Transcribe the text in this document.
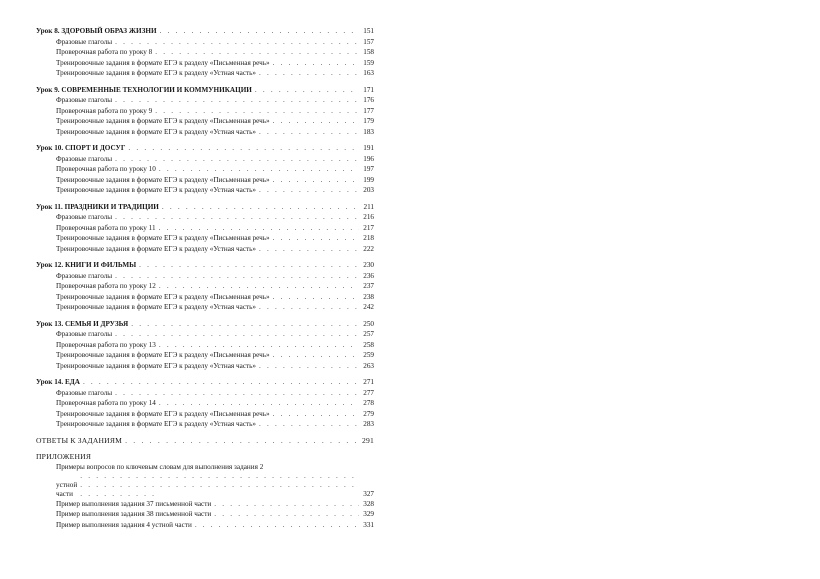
Урок 8. ЗДОРОВЫЙ ОБРАЗ ЖИЗНИ . . .	151
Фразовые глаголы . . .	157
Проверочная работа по уроку 8 . . .	158
Тренировочные задания в формате ЕГЭ к разделу «Письменная речь» . . .	159
Тренировочные задания в формате ЕГЭ к разделу «Устная часть» . . .	163
Урок 9. СОВРЕМЕННЫЕ ТЕХНОЛОГИИ И КОММУНИКАЦИИ . . .	171
Фразовые глаголы . . .	176
Проверочная работа по уроку 9 . . .	177
Тренировочные задания в формате ЕГЭ к разделу «Письменная речь» . . .	179
Тренировочные задания в формате ЕГЭ к разделу «Устная часть» . . .	183
Урок 10. СПОРТ И ДОСУГ . . .	191
Фразовые глаголы . . .	196
Проверочная работа по уроку 10 . . .	197
Тренировочные задания в формате ЕГЭ к разделу «Письменная речь» . . .	199
Тренировочные задания в формате ЕГЭ к разделу «Устная часть» . . .	203
Урок 11. ПРАЗДНИКИ И ТРАДИЦИИ . . .	211
Фразовые глаголы . . .	216
Проверочная работа по уроку 11 . . .	217
Тренировочные задания в формате ЕГЭ к разделу «Письменная речь» . . .	218
Тренировочные задания в формате ЕГЭ к разделу «Устная часть» . . .	222
Урок 12. КНИГИ И ФИЛЬМЫ . . .	230
Фразовые глаголы . . .	236
Проверочная работа по уроку 12 . . .	237
Тренировочные задания в формате ЕГЭ к разделу «Письменная речь» . . .	238
Тренировочные задания в формате ЕГЭ к разделу «Устная часть» . . .	242
Урок 13. СЕМЬЯ И ДРУЗЬЯ . . .	250
Фразовые глаголы . . .	257
Проверочная работа по уроку 13 . . .	258
Тренировочные задания в формате ЕГЭ к разделу «Письменная речь» . . .	259
Тренировочные задания в формате ЕГЭ к разделу «Устная часть» . . .	263
Урок 14. ЕДА . . .	271
Фразовые глаголы . . .	277
Проверочная работа по уроку 14 . . .	278
Тренировочные задания в формате ЕГЭ к разделу «Письменная речь» . . .	279
Тренировочные задания в формате ЕГЭ к разделу «Устная часть» . . .	283
ОТВЕТЫ К ЗАДАНИЯМ . . .	291
ПРИЛОЖЕНИЯ
Примеры вопросов по ключевым словам для выполнения задания 2
устной части . . .	327
Пример выполнения задания 37 письменной части . . .	328
Пример выполнения задания 38 письменной части . . .	329
Пример выполнения задания 4 устной части . . .	331
